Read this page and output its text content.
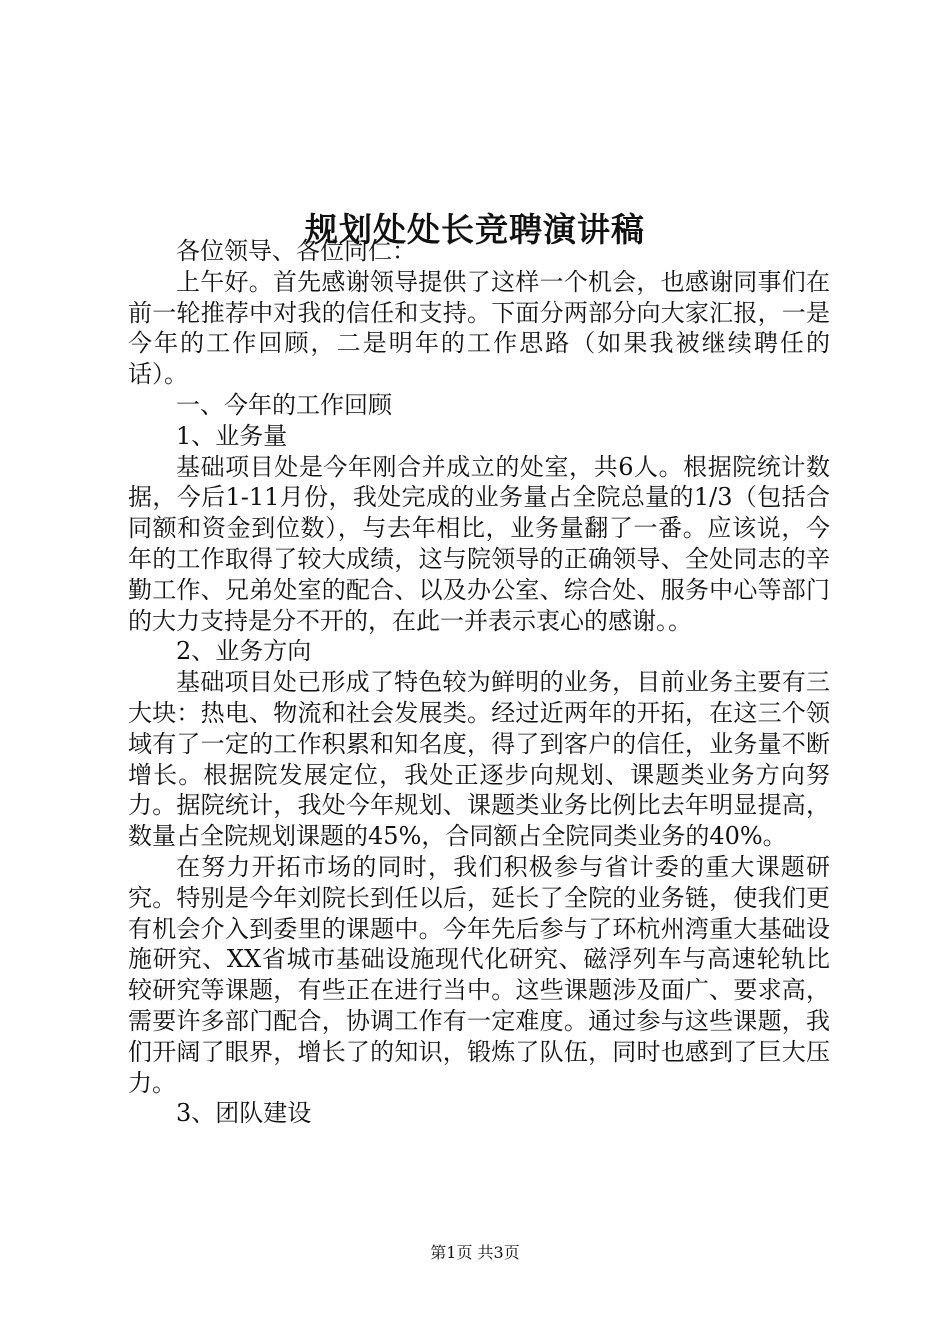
规划处处长竞聘演讲稿

各位领导、各位同仁：

上午好。首先感谢领导提供了这样一个机会，也感谢同事们在前一轮推荐中对我的信任和支持。下面分两部分向大家汇报，一是今年的工作回顾，二是明年的工作思路（如果我被继续聘任的话）。

一、今年的工作回顾

1、业务量

基础项目处是今年刚合并成立的处室，共6人。根据院统计数据，今后1-11月份，我处完成的业务量占全院总量的1/3（包括合同额和资金到位数），与去年相比，业务量翻了一番。应该说，今年的工作取得了较大成绩，这与院领导的正确领导、全处同志的辛勤工作、兄弟处室的配合、以及办公室、综合处、服务中心等部门的大力支持是分不开的，在此一并表示衷心的感谢。。

2、业务方向

基础项目处已形成了特色较为鲜明的业务，目前业务主要有三大块：热电、物流和社会发展类。经过近两年的开拓，在这三个领域有了一定的工作积累和知名度，得了到客户的信任，业务量不断增长。根据院发展定位，我处正逐步向规划、课题类业务方向努力。据院统计，我处今年规划、课题类业务比例比去年明显提高，数量占全院规划课题的45%，合同额占全院同类业务的40%。

在努力开拓市场的同时，我们积极参与省计委的重大课题研究。特别是今年刘院长到任以后，延长了全院的业务链，使我们更有机会介入到委里的课题中。今年先后参与了环杭州湾重大基础设施研究、XX省城市基础设施现代化研究、磁浮列车与高速轮轨比较研究等课题，有些正在进行当中。这些课题涉及面广、要求高，需要许多部门配合，协调工作有一定难度。通过参与这些课题，我们开阔了眼界，增长了的知识，锻炼了队伍，同时也感到了巨大压力。

3、团队建设

第1页 共3页
